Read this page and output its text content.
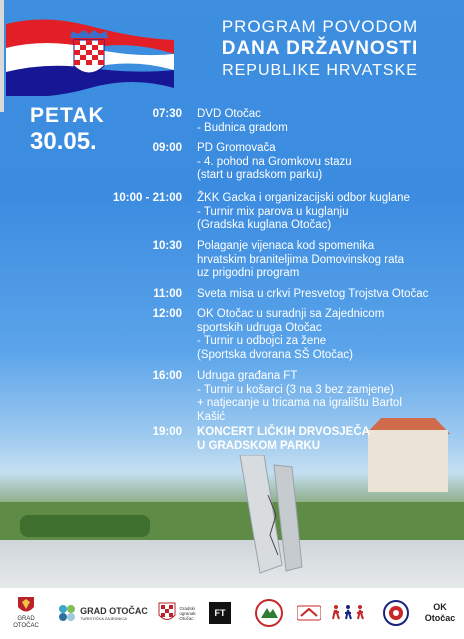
PROGRAM POVODOM
DANA DRŽAVNOSTI
REPUBLIKE HRVATSKE
PETAK
30.05.
07:30 DVD Otočac
- Budnica gradom
09:00 PD Gromovača
- 4. pohod na Gromkovu stazu
(start u gradskom parku)
10:00 - 21:00 ŽKK Gacka i organizacijski odbor kuglane
- Turnir mix parova u kuglanju
(Gradska kuglana Otočac)
10:30 Polaganje vijenaca kod spomenika
hrvatskim braniteljima Domovinskog rata
uz prigodni program
11:00 Sveta misa u crkvi Presvetog Trojstva Otočac
12:00 OK Otočac u suradnji sa Zajednicom
sportskih udruga Otočac
- Turnir u odbojci za žene
(Sportska dvorana SŠ Otočac)
16:00 Udruga građana FT
- Turnir u košarci (3 na 3 bez zamjene)
+ natjecanje u tricama na igralištu Bartol
Kašić
19:00 KONCERT LIČKIH DRVOSJEČA
U GRADSKOM PARKU
GRAD
OTOČAC
GRAD OTOČAC
TURISTIČKA ZAJEDNICA
Gradski
ogranak
Otočac	FT
OK
Otočac
